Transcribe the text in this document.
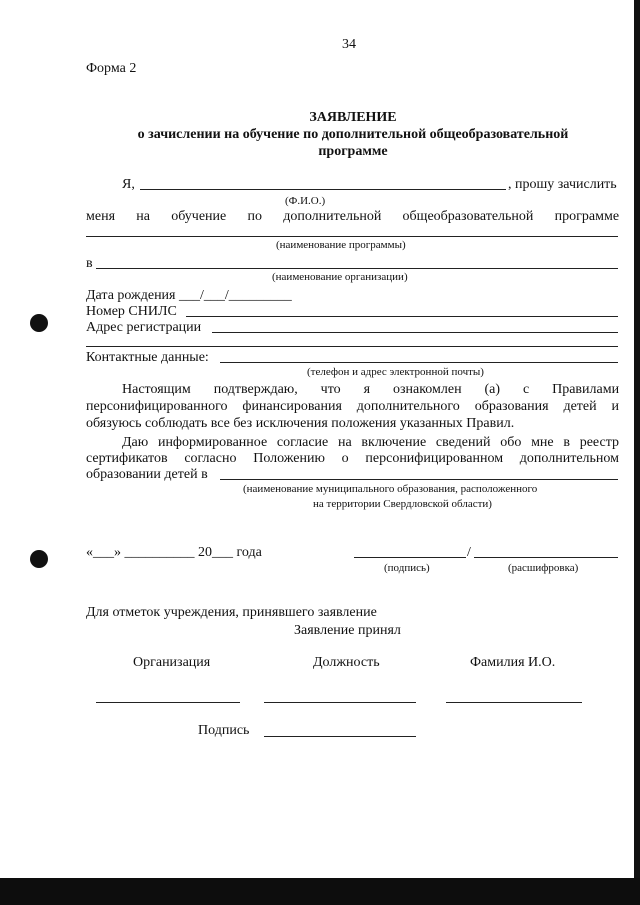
34
Форма 2
ЗАЯВЛЕНИЕ
о зачислении на обучение по дополнительной общеобразовательной
программе
Я,	, прошу зачислить
(Ф.И.О.)
меня на обучение по дополнительной общеобразовательной программе
(наименование программы)
в
(наименование организации)
Дата рождения ___/___/_________
Номер СНИЛС
Адрес регистрации
Контактные данные:
(телефон и адрес электронной почты)
Настоящим подтверждаю, что я ознакомлен (а) с Правилами
персонифицированного финансирования дополнительного образования детей и
обязуюсь соблюдать все без исключения положения указанных Правил.
Даю информированное согласие на включение сведений обо мне в реестр
сертификатов согласно Положению о персонифицированном дополнительном
образовании детей в
(наименование муниципального образования, расположенного
на территории Свердловской области)
«___» __________ 20___ года	/
(подпись)	(расшифровка)
Для отметок учреждения, принявшего заявление
Заявление принял
Организация	Должность	Фамилия И.О.
Подпись
